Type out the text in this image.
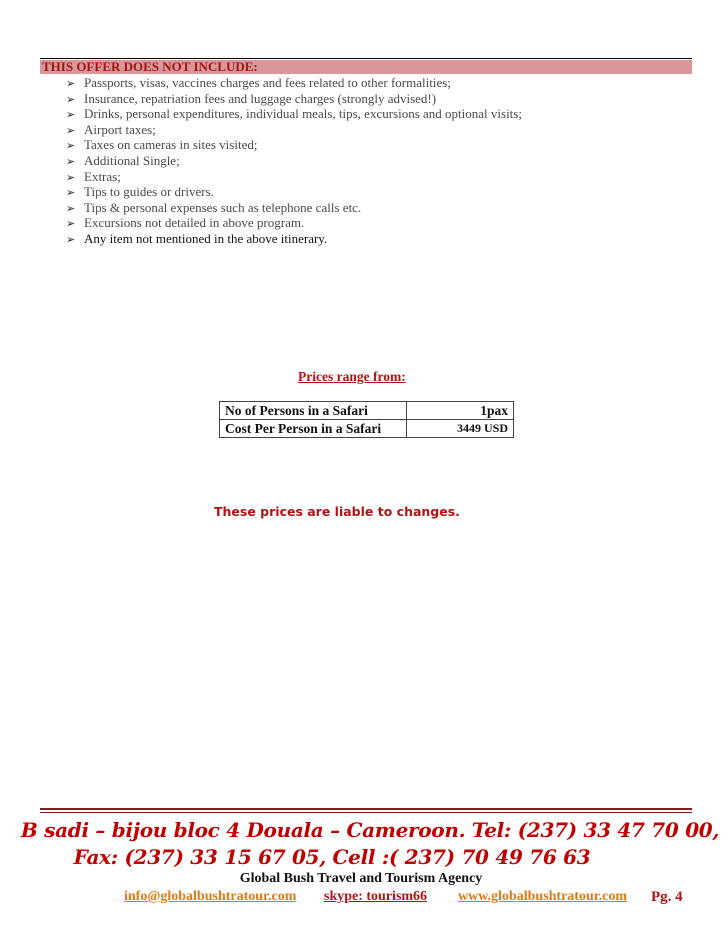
THIS OFFER DOES NOT INCLUDE:
➢ Passports, visas, vaccines charges and fees related to other formalities;
➢ Insurance, repatriation fees and luggage charges (strongly advised!)
➢ Drinks, personal expenditures, individual meals, tips, excursions and optional visits;
➢ Airport taxes;
➢ Taxes on cameras in sites visited;
➢ Additional Single;
➢ Extras;
➢ Tips to guides or drivers.
➢ Tips & personal expenses such as telephone calls etc.
➢ Excursions not detailed in above program.
➢ Any item not mentioned in the above itinerary.
Prices range from:
No of Persons in a Safari	1pax
Cost Per Person in a Safari	3449 USD
These prices are liable to changes.
B sadi – bijou bloc 4 Douala – Cameroon. Tel: (237) 33 47 70 00,
Fax: (237) 33 15 67 05, Cell :( 237) 70 49 76 63
Global Bush Travel and Tourism Agency
info@globalbushtratour.com skype: tourism66 www.globalbushtratour.com Pg. 4
